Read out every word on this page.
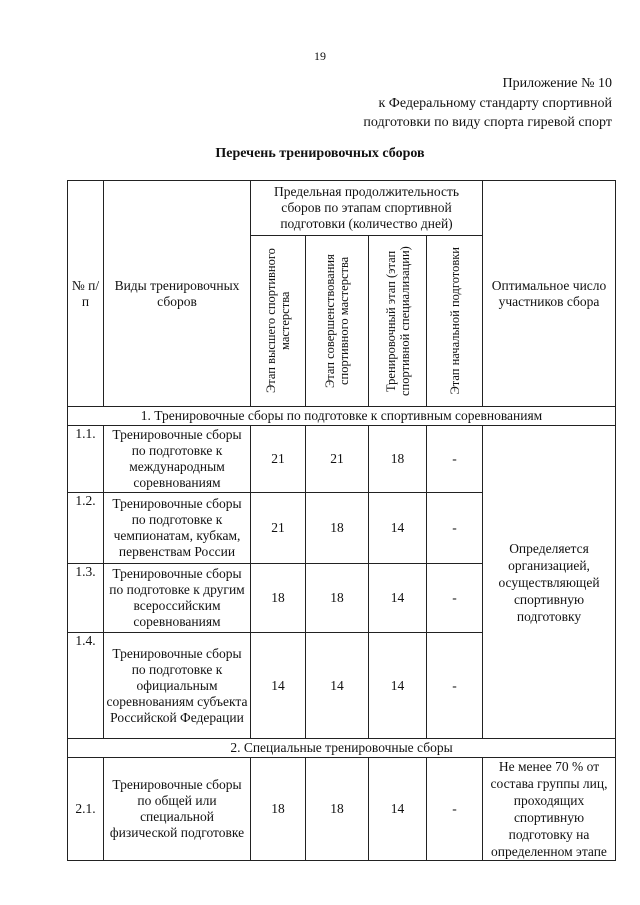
19
Приложение № 10
к Федеральному стандарту спортивной
подготовки по виду спорта гиревой спорт
Перечень тренировочных сборов
№ п/п	Виды тренировочных сборов	Предельная продолжительность сборов по этапам спортивной подготовки (количество дней)				Оптимальное число участников сбора

		Этап высшего спортивного мастерства	Этап совершенствования спортивного мастерства	Тренировочный этап (этап спортивной специализации)	Этап начальной подготовки	

1. Тренировочные сборы по подготовке к спортивным соревнованиям						
1.1.	Тренировочные сборы по подготовке к международным соревнованиям	21	21	18	-	Определяется организацией, осуществляющей спортивную подготовку
1.2.	Тренировочные сборы по подготовке к чемпионатам, кубкам, первенствам России	21	18	14	-	
1.3.	Тренировочные сборы по подготовке к другим всероссийским соревнованиям	18	18	14	-	
1.4.	Тренировочные сборы по подготовке к официальным соревнованиям субъекта Российской Федерации	14	14	14	-	
2. Специальные тренировочные сборы						
2.1.	Тренировочные сборы по общей или специальной физической подготовке	18	18	14	-	Не менее 70 % от состава группы лиц, проходящих спортивную подготовку на определенном этапе
